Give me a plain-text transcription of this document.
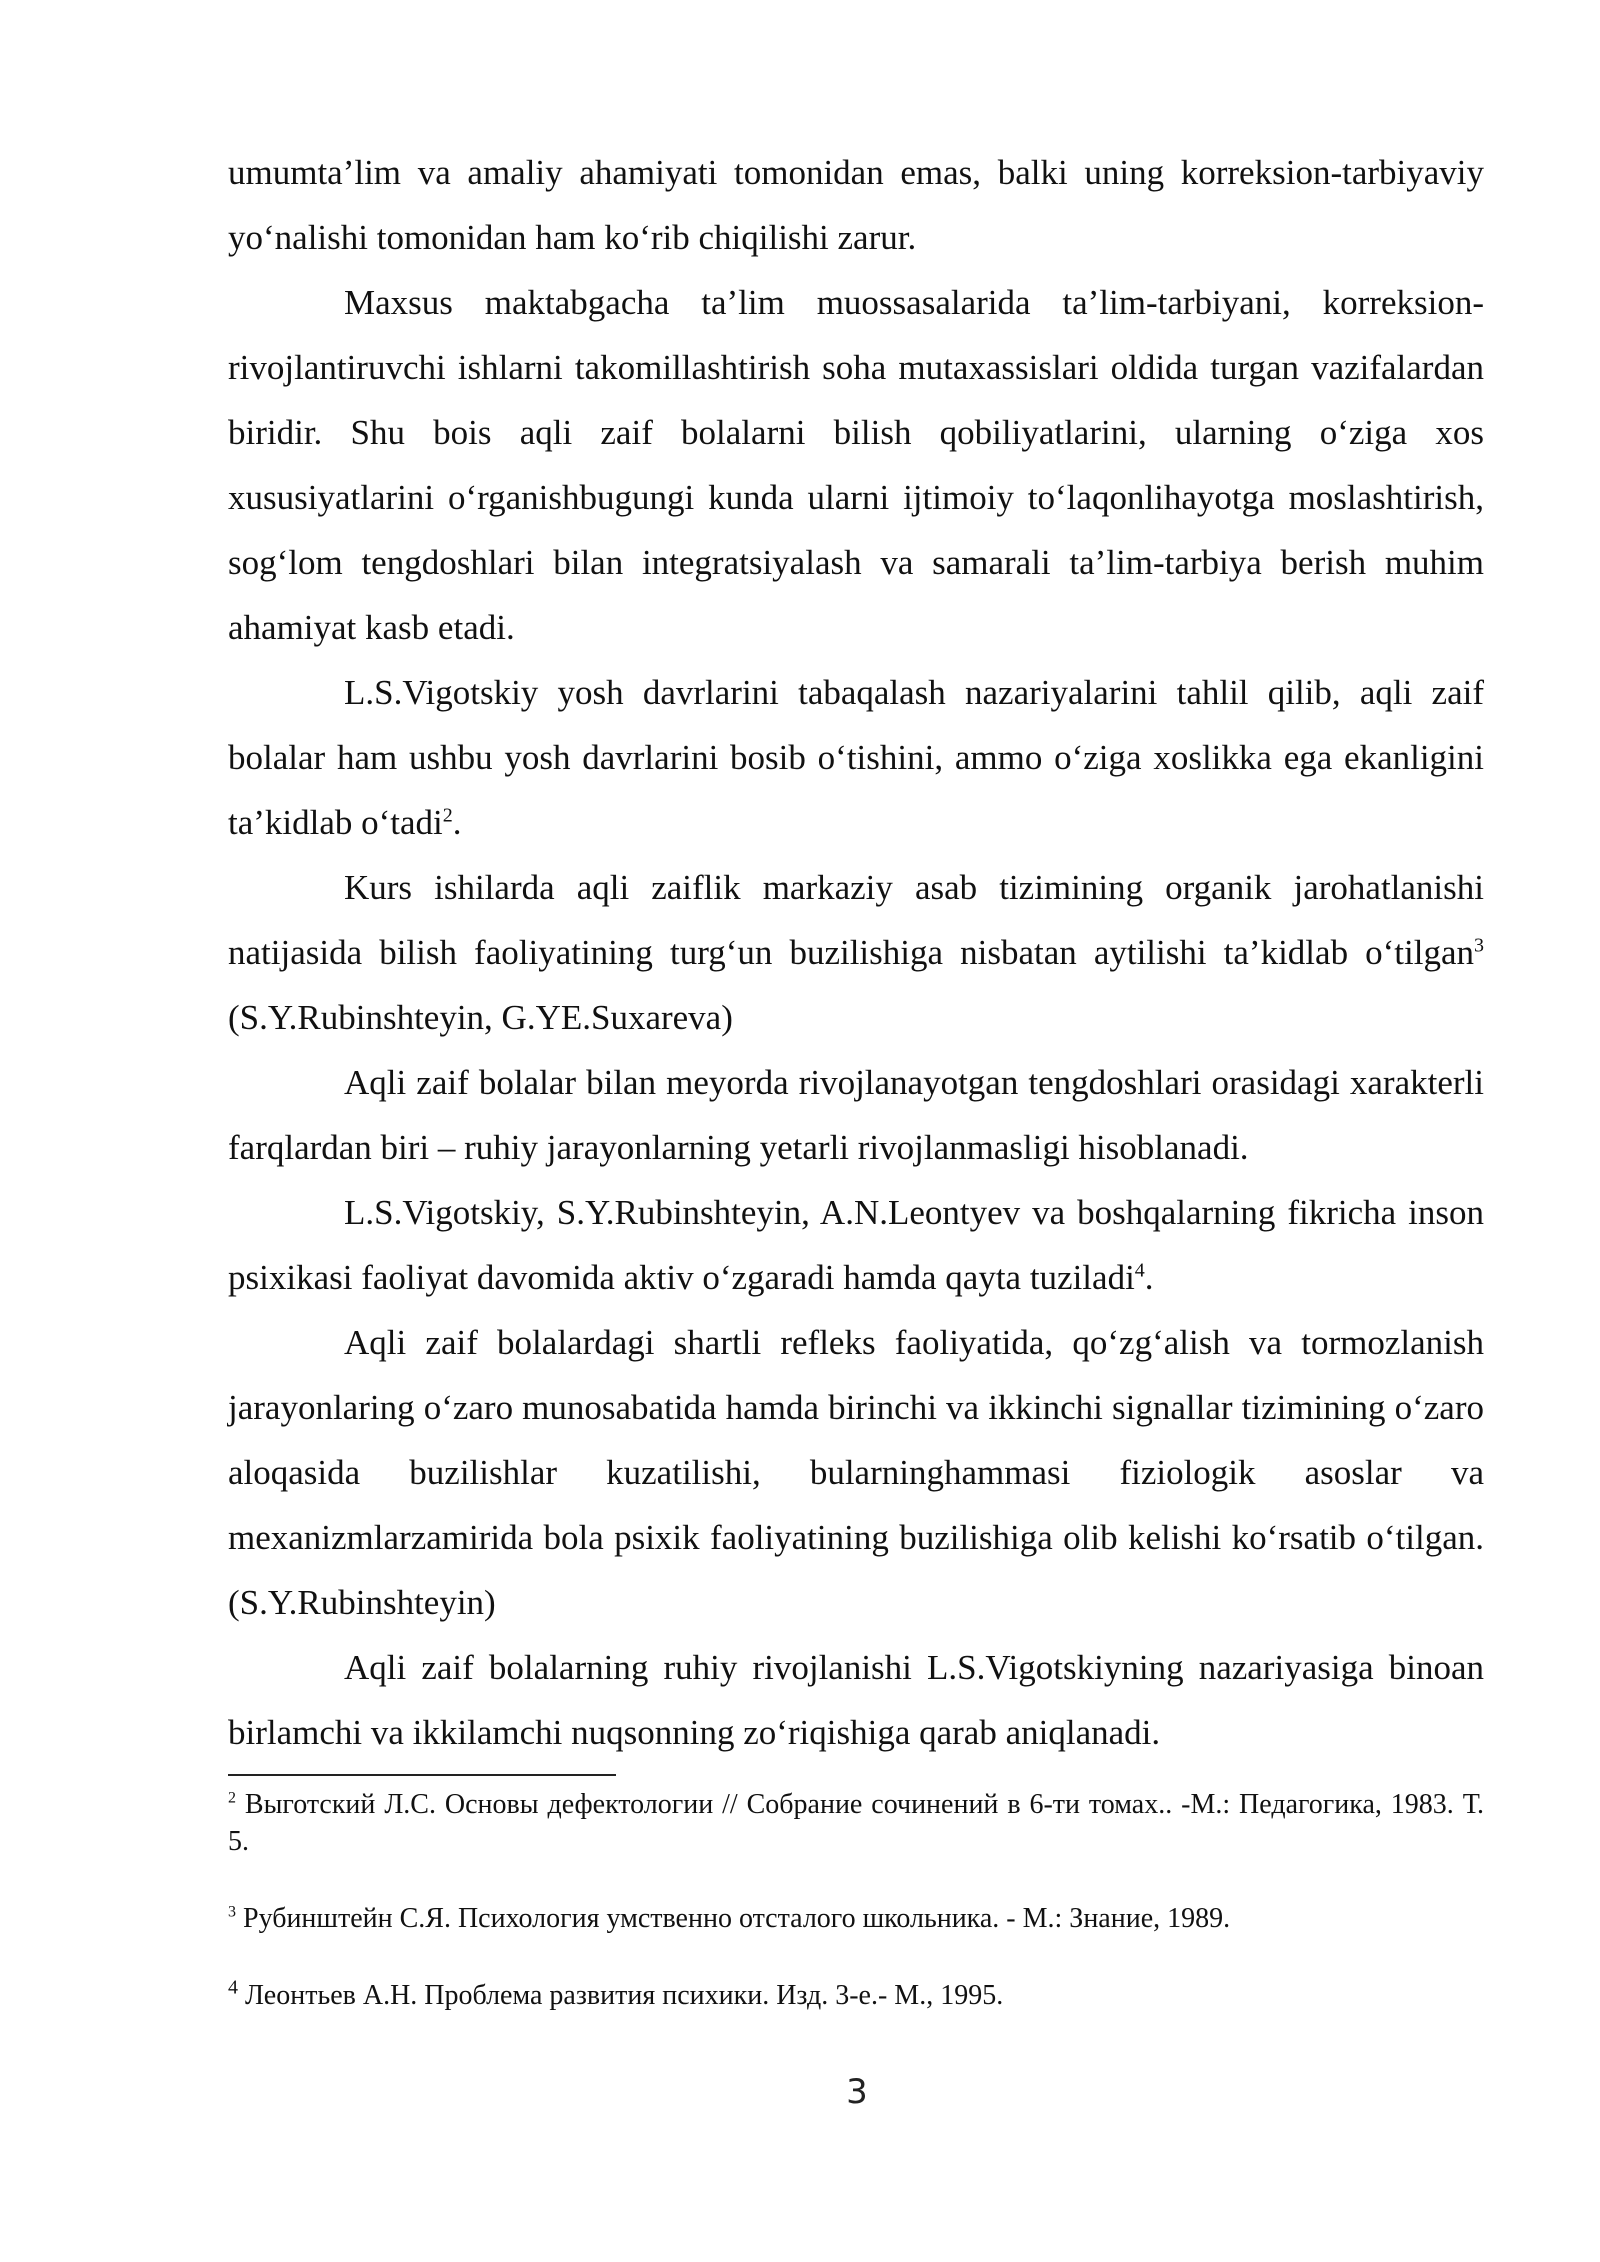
umumta’lim va amaliy ahamiyati tomonidan emas, balki uning korreksion-tarbiyaviy yo‘nalishi tomonidan ham ko‘rib chiqilishi zarur.

Maxsus maktabgacha ta’lim muossasalarida ta’lim-tarbiyani, korreksion-rivojlantiruvchi ishlarni takomillashtirish soha mutaxassislari oldida turgan vazifalardan biridir. Shu bois aqli zaif bolalarni bilish qobiliyatlarini, ularning o‘ziga xos xususiyatlarini o‘rganishbugungi kunda ularni ijtimoiy to‘laqonlihayotga moslashtirish, sog‘lom tengdoshlari bilan integratsiyalash va samarali ta’lim-tarbiya berish muhim ahamiyat kasb etadi.

L.S.Vigotskiy yosh davrlarini tabaqalash nazariyalarini tahlil qilib, aqli zaif bolalar ham ushbu yosh davrlarini bosib o‘tishini, ammo o‘ziga xoslikka ega ekanligini ta’kidlab o‘tadi$^2$.

Kurs ishilarda aqli zaiflik markaziy asab tizimining organik jarohatlanishi natijasida bilish faoliyatining turg‘un buzilishiga nisbatan aytilishi ta’kidlab o‘tilgan$^3$ (S.Y.Rubinshteyin, G.YE.Suxareva)

Aqli zaif bolalar bilan meyorda rivojlanayotgan tengdoshlari orasidagi xarakterli farqlardan biri – ruhiy jarayonlarning yetarli rivojlanmasligi hisoblanadi.

L.S.Vigotskiy, S.Y.Rubinshteyin, A.N.Leontyev va boshqalarning fikricha inson psixikasi faoliyat davomida aktiv o‘zgaradi hamda qayta tuziladi$^4$.

Aqli zaif bolalardagi shartli refleks faoliyatida, qo‘zg‘alish va tormozlanish jarayonlaring o‘zaro munosabatida hamda birinchi va ikkinchi signallar tizimining o‘zaro aloqasida buzilishlar kuzatilishi, bularninghammasi fiziologik asoslar va mexanizmlarzamirida bola psixik faoliyatining buzilishiga olib kelishi ko‘rsatib o‘tilgan. (S.Y.Rubinshteyin)

Aqli zaif bolalarning ruhiy rivojlanishi L.S.Vigotskiyning nazariyasiga binoan birlamchi va ikkilamchi nuqsonning zo‘riqishiga qarab aniqlanadi.

$^2$ Выготский Л.С. Основы дефектологии // Собрание сочинений в 6-ти томах.. -М.: Педагогика, 1983. Т. 5.

$^3$ Рубинштейн С.Я. Психология умственно отсталого школьника. - М.: Знание, 1989.

$^4$ Леонтьев А.Н. Проблема развития психики. Изд. 3-е.- М., 1995.

3
